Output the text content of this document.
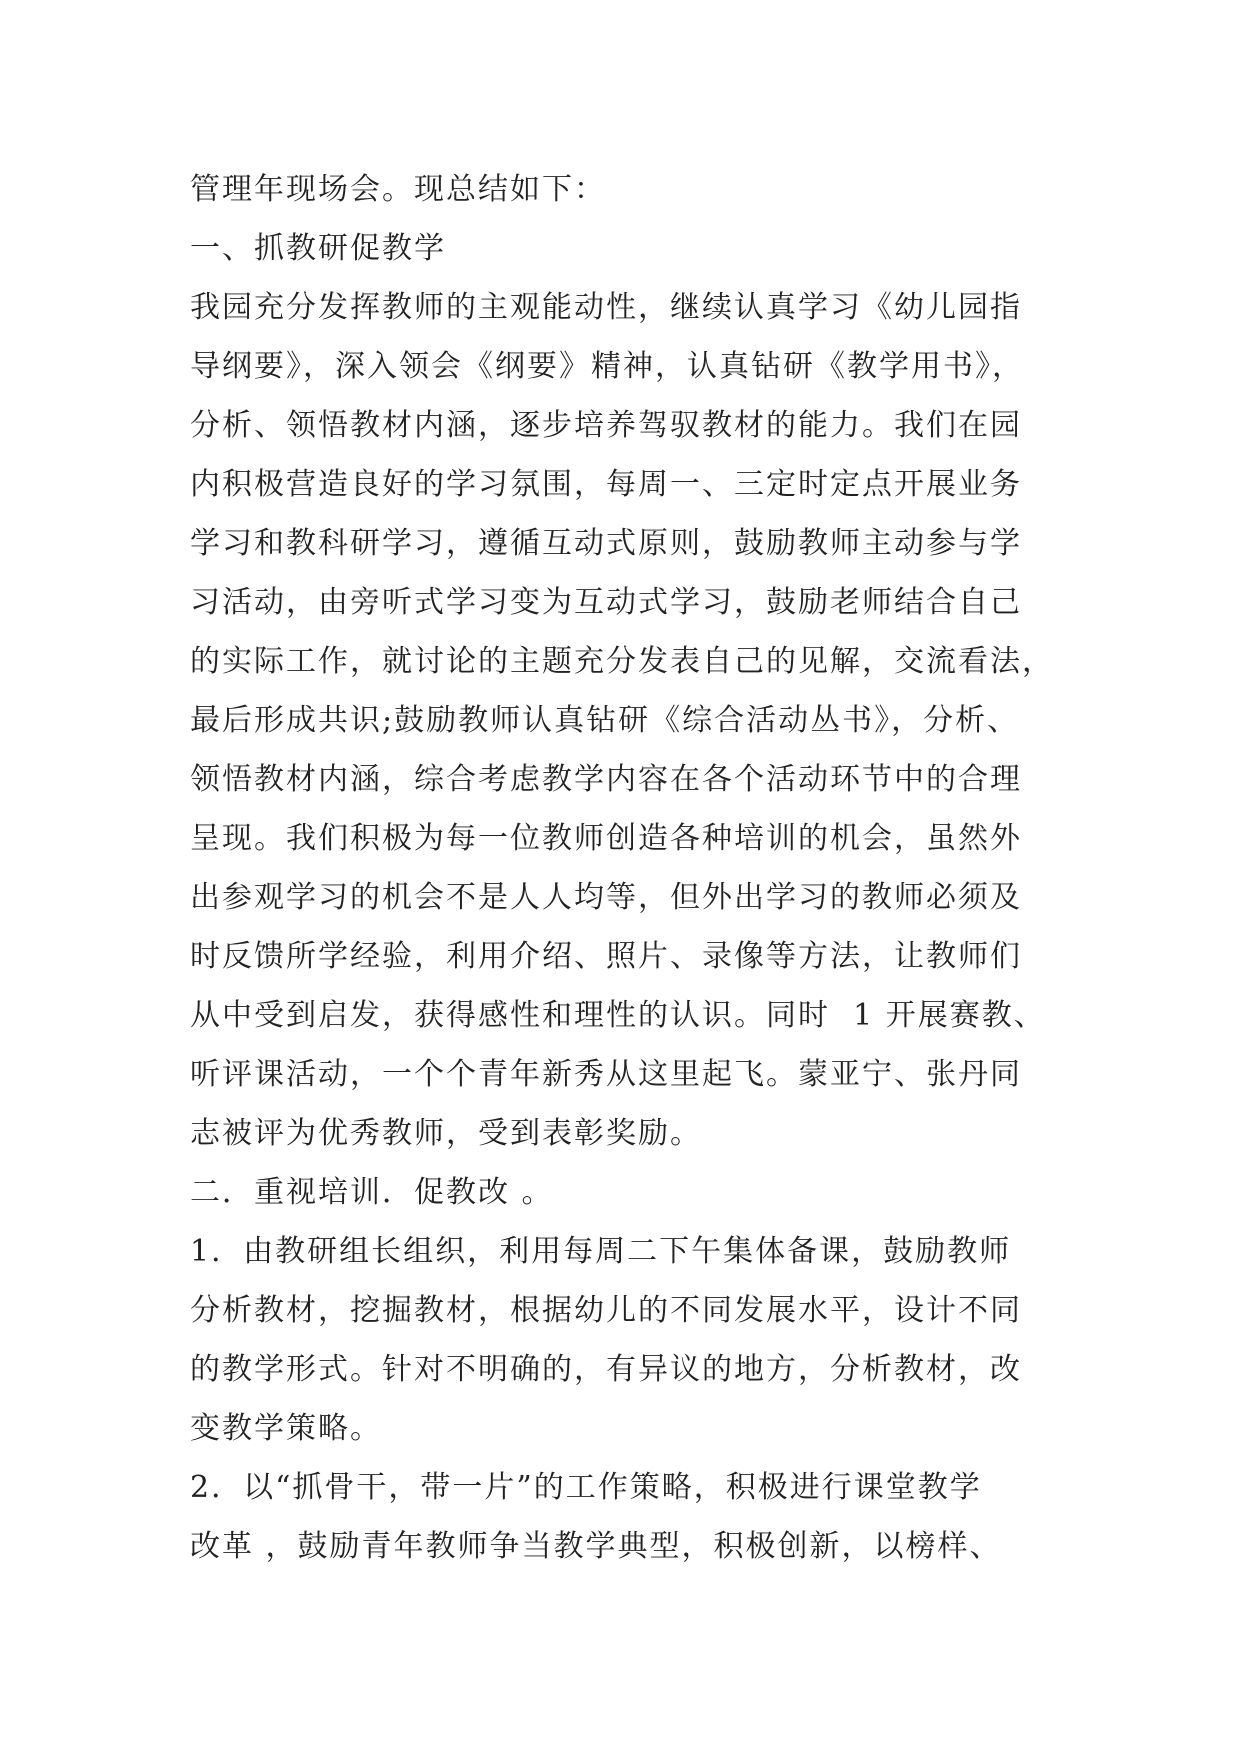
管理年现场会。现总结如下：
一、抓教研促教学
我园充分发挥教师的主观能动性，继续认真学习《幼儿园指
导纲要》，深入领会《纲要》精神，认真钻研《教学用书》，
分析、领悟教材内涵，逐步培养驾驭教材的能力。我们在园
内积极营造良好的学习氛围，每周一、三定时定点开展业务
学习和教科研学习，遵循互动式原则，鼓励教师主动参与学
习活动，由旁听式学习变为互动式学习，鼓励老师结合自己
的实际工作，就讨论的主题充分发表自己的见解，交流看法，
最后形成共识;鼓励教师认真钻研《综合活动丛书》，分析、
领悟教材内涵，综合考虑教学内容在各个活动环节中的合理
呈现。我们积极为每一位教师创造各种培训的机会，虽然外
出参观学习的机会不是人人均等，但外出学习的教师必须及
时反馈所学经验，利用介绍、照片、录像等方法，让教师们
从中受到启发，获得感性和理性的认识。同时  1 开展赛教、
听评课活动，一个个青年新秀从这里起飞。蒙亚宁、张丹同
志被评为优秀教师，受到表彰奖励。
二．重视培训．促教改 。
1．由教研组长组织，利用每周二下午集体备课，鼓励教师
分析教材，挖掘教材，根据幼儿的不同发展水平，设计不同
的教学形式。针对不明确的，有异议的地方，分析教材，改
变教学策略。
2．以“抓骨干，带一片”的工作策略，积极进行课堂教学
改革 ，鼓励青年教师争当教学典型，积极创新，以榜样、
